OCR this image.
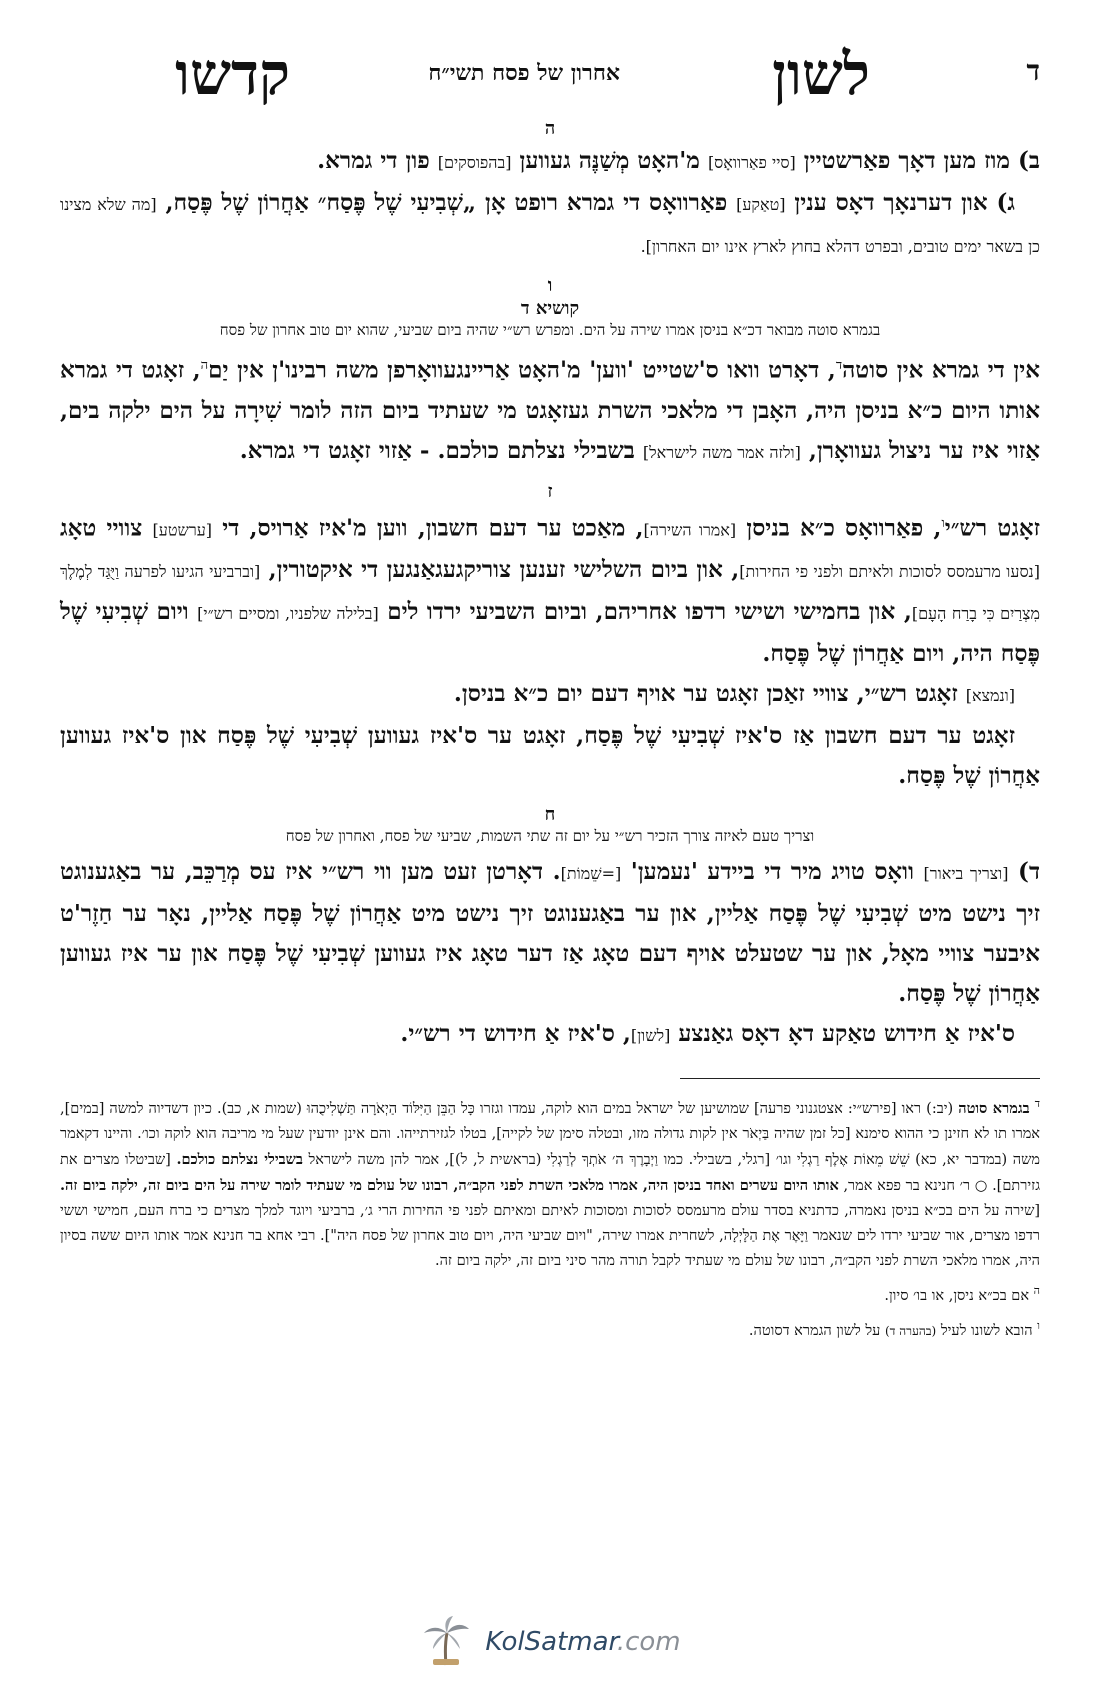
ד
לשון
אחרון של פסח תשי״ח
קדשו
ה

ב) מוז מען דאָך פאַרשטיין [סיי פאַרוואָס] מ'האָט מְשַׁנֶּה געווען [בהפוסקים] פון די גמרא.

ג) און דערנאָך דאָס ענין [טאַקע] פאַרוואָס די גמרא רופט אָן „שְׁבִיעִי שֶׁל פֶּסַח״ אַחֲרוֹן שֶׁל פֶּסַח, [מה שלא מצינו כן בשאר ימים טובים, ובפרט דהלא בחוץ לארץ אינו יום האחרון].

ו
קושיא ד
בגמרא סוטה מבואר דכ״א בניסן אמרו שירה על הים. ומפרש רש״י שהיה ביום שביעי, שהוא יום טוב אחרון של פסח

אין די גמרא אין סוטה$^ד$, דאָרט וואו ס'שטייט 'ווען' מ'האָט אַריינגעוואָרפן משה רבינו'ן אין יַם$^ה$, זאָגט די גמרא אותו היום כ״א בניסן היה, האָבן די מלאכי השרת געזאָגט מי שעתיד ביום הזה לומר שִׁירָה על הים ילקה בים, אַזוי איז ער ניצול געוואָרן, [ולזה אמר משה לישראל] בשבילי נצלתם כולכם. - אַזוי זאָגט די גמרא.

ז

זאָגט רש״י$^ו$, פאַרוואָס כ״א בניסן [אמרו השירה], מאַכט ער דעם חשבון, ווען מ'איז אַרויס, די [ערשטע] צוויי טאָג [נסעו מרעמסס לסוכות ולאיתם ולפני פי החירות], און ביום השלישי זענען צוריקגעגאַנגען די איקטורין, [וברביעי הגיעו לפרעה וַיֻּגַּד לְמֶלֶךְ מִצְרַיִם כִּי בָרַח הָעָם], און בחמישי ושישי רדפו אחריהם, וביום השביעי ירדו לים [בלילה שלפניו, ומסיים רש״י] ויום שְׁבִיעִי שֶׁל פֶּסַח היה, ויום אַחֲרוֹן שֶׁל פֶּסַח.

[ונמצא] זאָגט רש״י, צוויי זאַכן זאָגט ער אויף דעם יום כ״א בניסן.

זאָגט ער דעם חשבון אַז ס'איז שְׁבִיעִי שֶׁל פֶּסַח, זאָגט ער ס'איז געווען שְׁבִיעִי שֶׁל פֶּסַח און ס'איז געווען אַחֲרוֹן שֶׁל פֶּסַח.

ח
וצריך טעם לאיזה צורך הזכיר רש״י על יום זה שתי השמות, שביעי של פסח, ואחרון של פסח

ד) [וצריך ביאור] וואָס טויג מיר די ביידע 'נעמען' [=שֵׁמוֹת]. דאָרטן זעט מען ווי רש״י איז עס מְרַכֵּב, ער באַגענוגט זיך נישט מיט שְׁבִיעִי שֶׁל פֶּסַח אַליין, און ער באַגענוגט זיך נישט מיט אַחֲרוֹן שֶׁל פֶּסַח אַליין, נאָר ער חַזֶר'ט איבער צוויי מאָל, און ער שטעלט אויף דעם טאָג אַז דער טאָג איז געווען שְׁבִיעִי שֶׁל פֶּסַח און ער איז געווען אַחֲרוֹן שֶׁל פֶּסַח.

ס'איז אַ חידוש טאַקע דאָ דאָס גאַנצע [לשון], ס'איז אַ חידוש די רש״י.

$^ד$ בגמרא סוטה (יב:) ראו [פירש״י: אצטגנוני פרעה] שמושיען של ישראל במים הוא לוקה, עמדו וגזרו כָּל הַבֵּן הַיִּלּוֹד הַיְאֹרָה תַּשְׁלִיכֻהוּ (שמות א, כב). כיון דשדיוה למשה [במים], אמרו תו לא חזינן כי ההוא סימנא [כל זמן שהיה בַּיְאֹר אין לקות גדולה מזו, ובטלה סימן של לקייה], בטלו לגזירתייהו. והם אינן יודעין שעל מי מריבה הוא לוקה וכו׳. והיינו דקאמר משה (במדבר יא, כא) שֵׁשׁ מֵאוֹת אֶלֶף רַגְלִי וגו׳ [רגלי, בשבילי. כמו וַיְבָרֶךְ ה׳ אֹתְךָ לְרַגְלִי (בראשית ל, ל)], אמר להן משה לישראל בשבילי נצלתם כולכם. [שביטלו מצרים את גזירתם]. ○ ר׳ חנינא בר פפא אמר, אותו היום עשרים ואחד בניסן היה, אמרו מלאכי השרת לפני הקב״ה, רבונו של עולם מי שעתיד לומר שירה על הים ביום זה, ילקה ביום זה. [שירה על הים בכ״א בניסן נאמרה, כדתניא בסדר עולם מרעמסס לסוכות ומסוכות לאיתם ומאיתם לפני פי החירות הרי ג׳, ברביעי ויוגד למלך מצרים כי ברח העם, חמישי וששי רדפו מצרים, אור שביעי ירדו לים שנאמר וַיָּאֶר אֶת הַלָּיְלָה, לשחרית אמרו שירה, "ויום שביעי היה, ויום טוב אחרון של פסח היה"]. רבי אחא בר חנינא אמר אותו היום ששה בסיון היה, אמרו מלאכי השרת לפני הקב״ה, רבונו של עולם מי שעתיד לקבל תורה מהר סיני ביום זה, ילקה ביום זה.

$^ה$ אם בכ״א ניסן, או בו׳ סיון.

$^ו$ הובא לשונו לעיל (בהערה ד) על לשון הגמרא דסוטה.

KolSatmar.com
